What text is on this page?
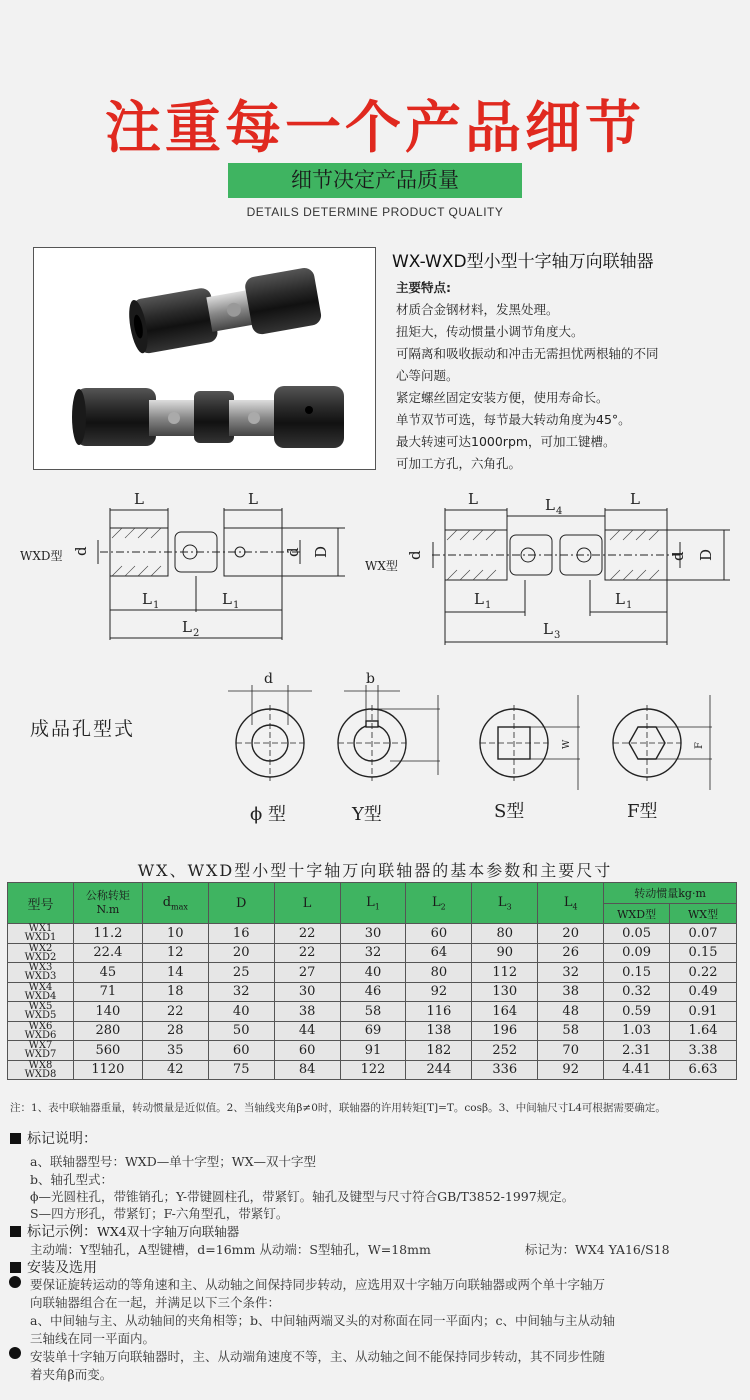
注重每一个产品细节
细节决定产品质量
DETAILS DETERMINE PRODUCT QUALITY
WX-WXD型小型十字轴万向联轴器
主要特点:
材质合金钢材料，发黑处理。
扭矩大，传动惯量小调节角度大。
可隔离和吸收振动和冲击无需担忧两根轴的不同
心等问题。
紧定螺丝固定安装方便，使用寿命长。
单节双节可选，每节最大转动角度为45°。
最大转速可达1000rpm，可加工键槽。
可加工方孔，六角孔。
WXD型
L	L
L 1	L 1
L 2
d	d D
WX型
L	L
L 4
L 1	L 1
L 3
d	d D
成品孔型式
d	b
W	F
ϕ 型	Y型	S型	F型
WX、WXD型小型十字轴万向联轴器的基本参数和主要尺寸
型号	公称转矩
N.m	$d_{max}$	D	L	$L_1$	$L_2$	$L_3$	$L_4$	转动惯量kg·m	
									WXD型	WX型
WX1
WXD1	11.2	10	16	22	30	60	80	20	0.05	0.07
WX2
WXD2	22.4	12	20	22	32	64	90	26	0.09	0.15
WX3
WXD3	45	14	25	27	40	80	112	32	0.15	0.22
WX4
WXD4	71	18	32	30	46	92	130	38	0.32	0.49
WX5
WXD5	140	22	40	38	58	116	164	48	0.59	0.91
WX6
WXD6	280	28	50	44	69	138	196	58	1.03	1.64
WX7
WXD7	560	35	60	60	91	182	252	70	2.31	3.38
WX8
WXD8	1120	42	75	84	122	244	336	92	4.41	6.63
注：1、表中联轴器重量，转动惯量是近似值。2、当轴线夹角β≠0时，联轴器的许用转矩[T]=T。cosβ。3、中间轴尺寸L4可根据需要确定。
标记说明：
a、联轴器型号：WXD—单十字型；WX—双十字型
b、轴孔型式：
ϕ—光圆柱孔，带锥销孔；Y-带键圆柱孔，带紧钉。轴孔及键型与尺寸符合GB/T3852-1997规定。
S—四方形孔，带紧钉；F-六角型孔，带紧钉。
标记示例：WX4双十字轴万向联轴器
主动端：Y型轴孔，A型键槽，d=16mm 从动端：S型轴孔，W=18mm	标记为：WX4 YA16/S18
安装及选用
要保证旋转运动的等角速和主、从动轴之间保持同步转动，应选用双十字轴万向联轴器或两个单十字轴万
向联轴器组合在一起，并满足以下三个条件：
a、中间轴与主、从动轴间的夹角相等；b、中间轴两端叉头的对称面在同一平面内；c、中间轴与主从动轴
三轴线在同一平面内。
安装单十字轴万向联轴器时，主、从动端角速度不等，主、从动轴之间不能保持同步转动，其不同步性随
着夹角β而变。
